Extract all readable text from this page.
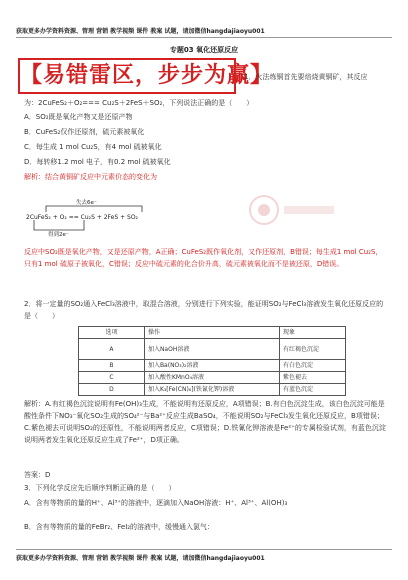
获取更多办学资料资源、管理 营销 教学视频 课件 教案 试题，请加微信hangdajiaoyu001
专题03 氧化还原反应
【易错雷区，步步为赢】
1．火法炼铜首先要焙烧黄铜矿，其反应
为：2CuFeS₂＋O₂=== Cu₂S＋2FeS＋SO₂，下列说法正确的是（　　）
A．SO₂既是氧化产物又是还原产物
B．CuFeS₂仅作还原剂，硫元素被氧化
C．每生成 1 mol Cu₂S，有4 mol 硫被氧化
D．每转移1.2 mol 电子，有0.2 mol 硫被氧化
解析：结合黄铜矿反应中元素价态的变化为
失去6e⁻
2CuFeS₂ + O₂ == Cu₂S + 2FeS + SO₂
得到2e⁻
反应中SO₂既是氧化产物，又是还原产物，A正确；CuFeS₂既作氧化剂，又作还原剂，B错误；每生成1 mol Cu₂S，只有1 mol 硫原子被氧化，C错误；反应中硫元素的化合价升高，硫元素被氧化而不是被还原，D错误。
2．将一定量的SO₂通入FeCl₃溶液中，取混合溶液，分别进行下列实验，能证明SO₂与FeCl₃溶液发生氧化还原反应的是（　　）
选项	操作	现象
A	加入NaOH溶液	有红褐色沉淀
B	加入Ba(NO₃)₂溶液	有白色沉淀
C	加入酸性KMnO₄溶液	紫色褪去
D	加入K₃[Fe(CN)₆](铁氰化钾)溶液	有蓝色沉淀
解析：A.有红褐色沉淀说明有Fe(OH)₃生成，不能说明有还原反应，A项错误；B.有白色沉淀生成，该白色沉淀可能是酸性条件下NO₃⁻氧化SO₂生成的SO₄²⁻与Ba²⁺反应生成BaSO₄，不能说明SO₂与FeCl₃发生氧化还原反应，B项错误；C.紫色褪去可说明SO₂的还原性，不能说明两者反应，C项错误；D.铁氰化钾溶液是Fe²⁺的专属检验试剂，有蓝色沉淀说明两者发生氧化还原反应生成了Fe²⁺，D项正确。
答案：D
3．下列化学反应先后顺序判断正确的是（　　）
A．含有等物质的量的H⁺、Al³⁺的溶液中，逐滴加入NaOH溶液：H⁺、Al³⁺、Al(OH)₃
B．含有等物质的量的FeBr₂、FeI₂的溶液中，缓慢通入氯气：
获取更多办学资料资源、管理 营销 教学视频 课件 教案 试题，请加微信hangdajiaoyu001
